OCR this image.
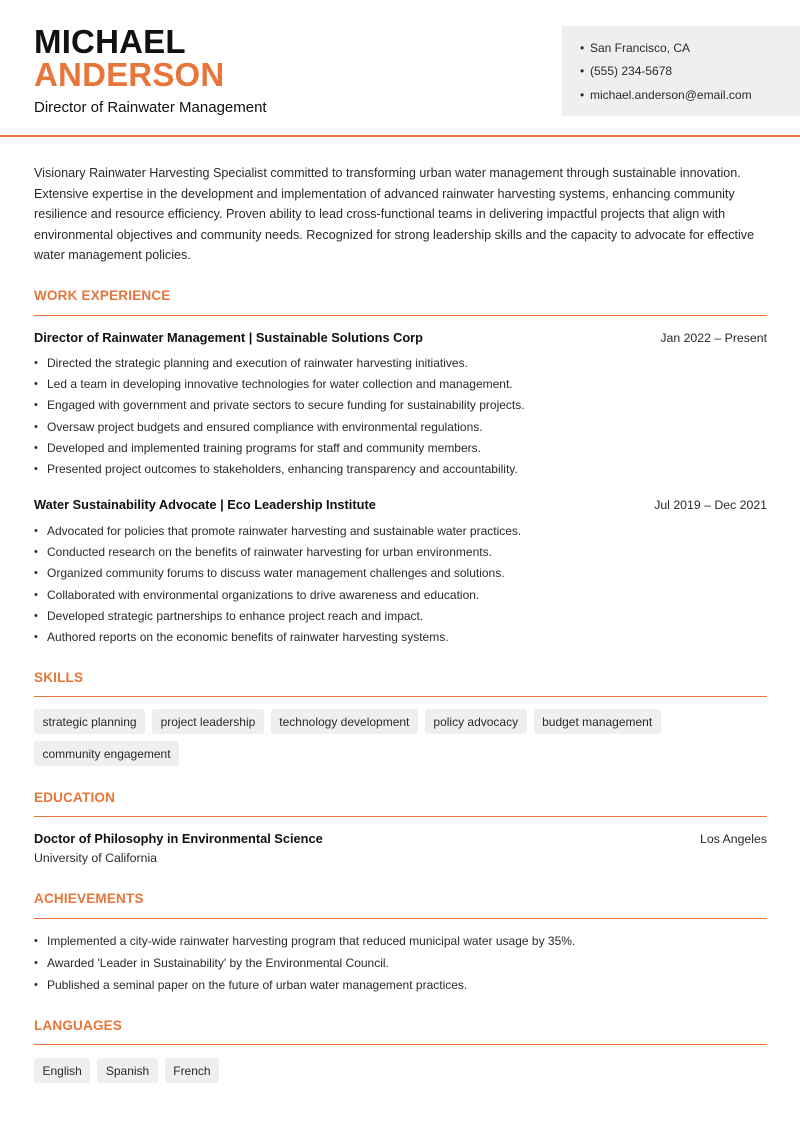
MICHAEL
ANDERSON
Director of Rainwater Management
• San Francisco, CA
• (555) 234-5678
• michael.anderson@email.com

Visionary Rainwater Harvesting Specialist committed to transforming urban water management through sustainable innovation. Extensive expertise in the development and implementation of advanced rainwater harvesting systems, enhancing community resilience and resource efficiency. Proven ability to lead cross-functional teams in delivering impactful projects that align with environmental objectives and community needs. Recognized for strong leadership skills and the capacity to advocate for effective water management policies.

WORK EXPERIENCE
Director of Rainwater Management | Sustainable Solutions Corp	Jan 2022 – Present
• Directed the strategic planning and execution of rainwater harvesting initiatives.
• Led a team in developing innovative technologies for water collection and management.
• Engaged with government and private sectors to secure funding for sustainability projects.
• Oversaw project budgets and ensured compliance with environmental regulations.
• Developed and implemented training programs for staff and community members.
• Presented project outcomes to stakeholders, enhancing transparency and accountability.
Water Sustainability Advocate | Eco Leadership Institute	Jul 2019 – Dec 2021
• Advocated for policies that promote rainwater harvesting and sustainable water practices.
• Conducted research on the benefits of rainwater harvesting for urban environments.
• Organized community forums to discuss water management challenges and solutions.
• Collaborated with environmental organizations to drive awareness and education.
• Developed strategic partnerships to enhance project reach and impact.
• Authored reports on the economic benefits of rainwater harvesting systems.
SKILLS
strategic planning	project leadership	technology development	policy advocacy	budget management
community engagement
EDUCATION
Doctor of Philosophy in Environmental Science	Los Angeles
University of California
ACHIEVEMENTS
• Implemented a city-wide rainwater harvesting program that reduced municipal water usage by 35%.
• Awarded 'Leader in Sustainability' by the Environmental Council.
• Published a seminal paper on the future of urban water management practices.
LANGUAGES
English	Spanish	French
